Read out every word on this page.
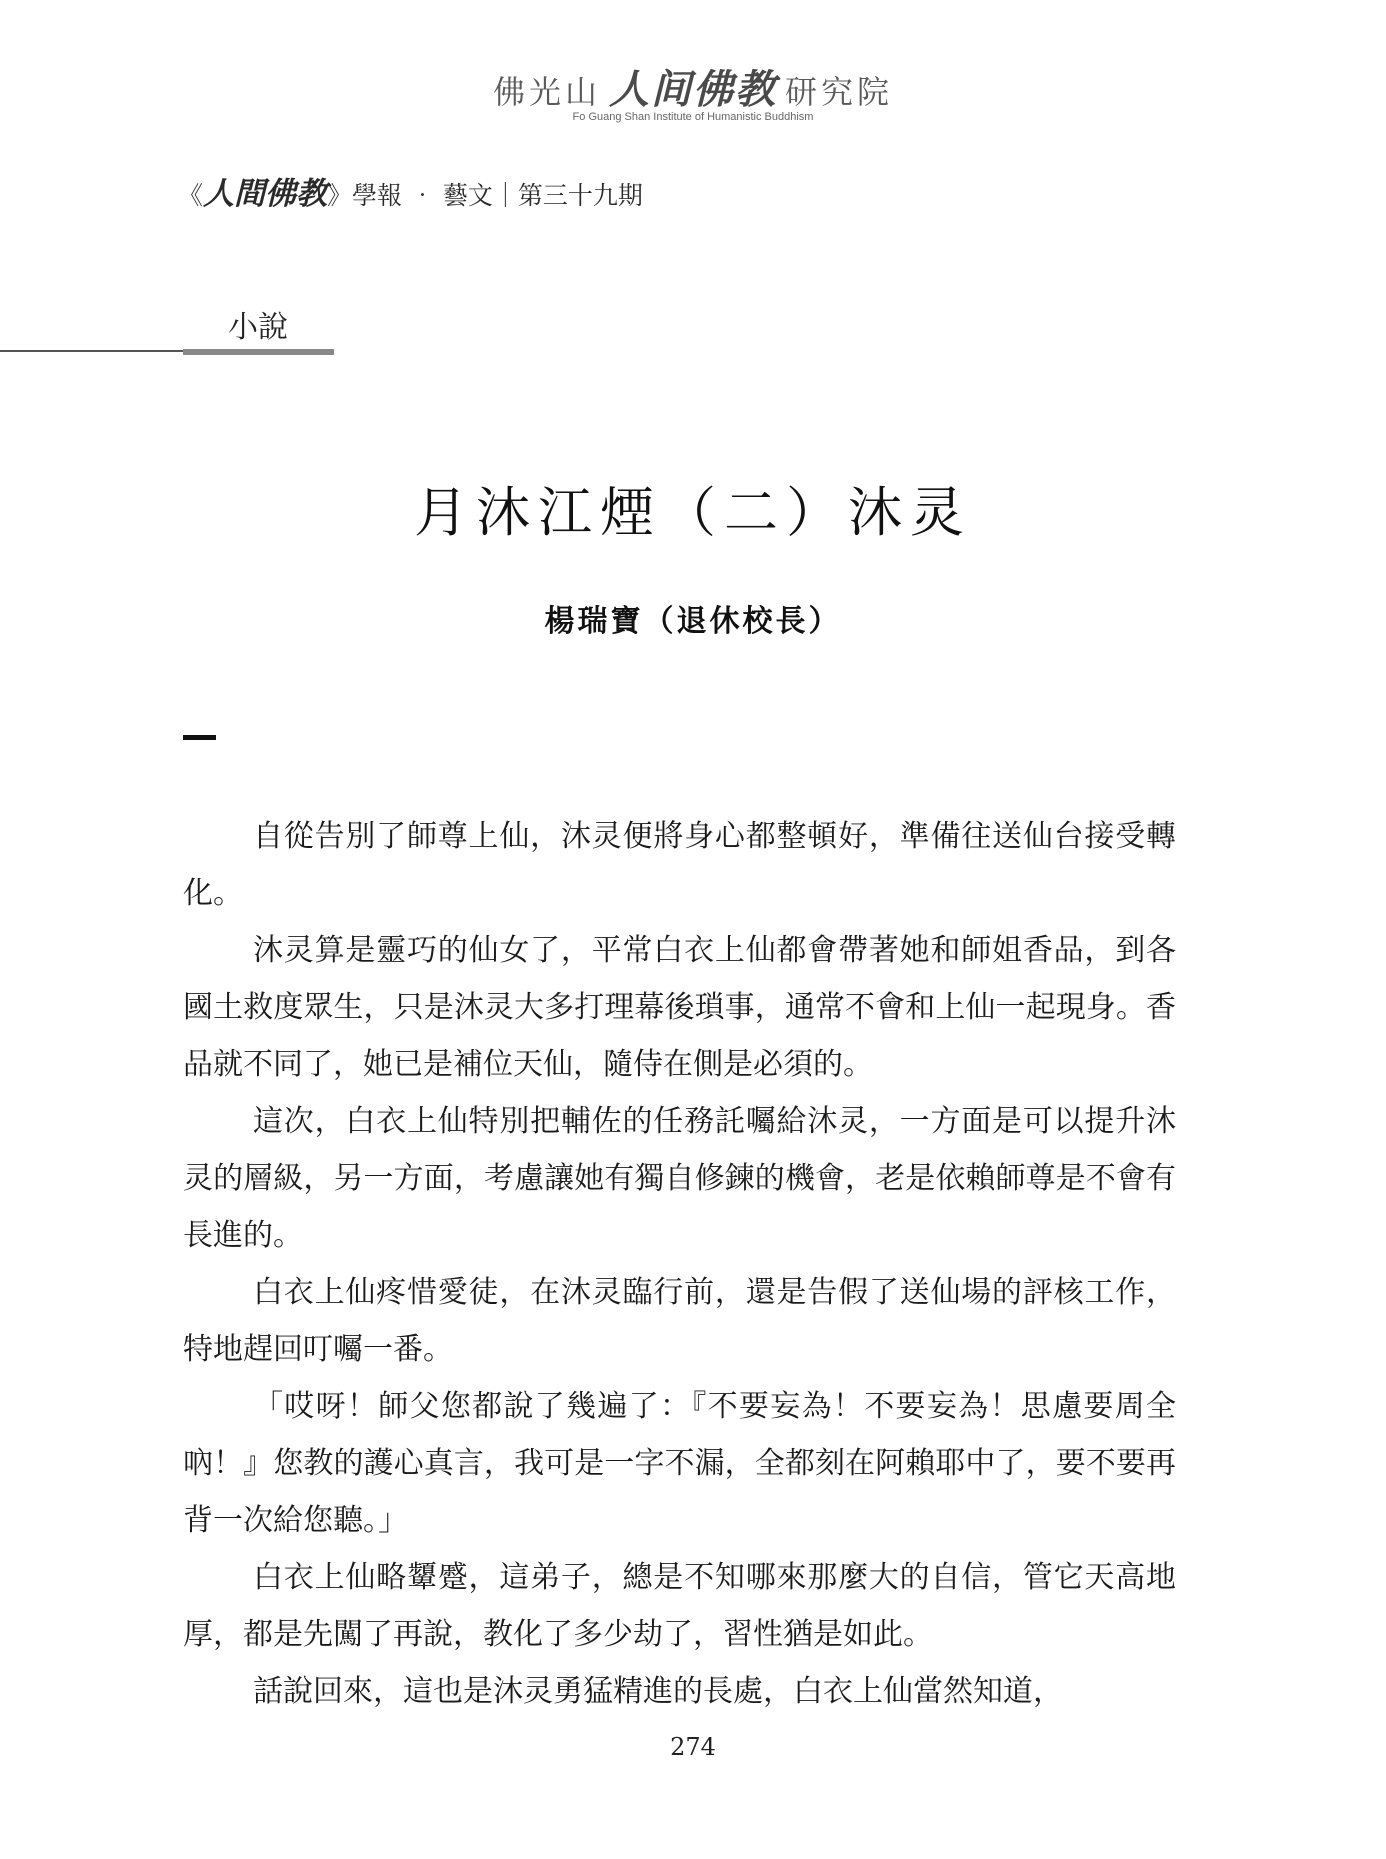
佛光山 人间佛教 研究院
Fo Guang Shan Institute of Humanistic Buddhism
《人間佛教》學報 ‧ 藝文｜第三十九期
小說
月沐江煙（二）沐灵
楊瑞寶（退休校長）

自從告別了師尊上仙，沐灵便將身心都整頓好，準備往送仙台接受轉化。

沐灵算是靈巧的仙女了，平常白衣上仙都會帶著她和師姐香品，到各國土救度眾生，只是沐灵大多打理幕後瑣事，通常不會和上仙一起現身。香品就不同了，她已是補位天仙，隨侍在側是必須的。

這次，白衣上仙特別把輔佐的任務託囑給沐灵，一方面是可以提升沐灵的層級，另一方面，考慮讓她有獨自修鍊的機會，老是依賴師尊是不會有長進的。

白衣上仙疼惜愛徒，在沐灵臨行前，還是告假了送仙場的評核工作，特地趕回叮囑一番。

「哎呀！師父您都說了幾遍了：『不要妄為！不要妄為！思慮要周全吶！』您教的護心真言，我可是一字不漏，全都刻在阿賴耶中了，要不要再背一次給您聽。」

白衣上仙略顰蹙，這弟子，總是不知哪來那麼大的自信，管它天高地厚，都是先闖了再說，教化了多少劫了，習性猶是如此。

話說回來，這也是沐灵勇猛精進的長處，白衣上仙當然知道，

274
